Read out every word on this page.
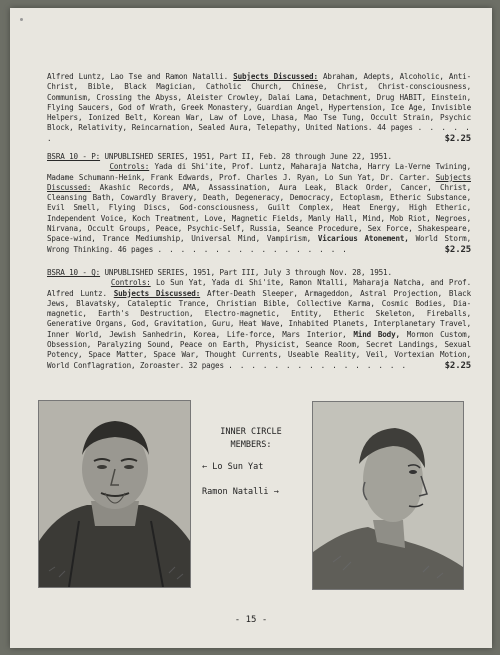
Alfred Luntz, Lao Tse and Ramon Natalli. Subjects Discussed: Abraham, Adepts, Alcoholic, Anti-Christ, Bible, Black Magician, Catholic Church, Chinese, Christ, Christ-consciousness, Communism, Crossing the Abyss, Aleister Crowley, Dalai Lama, Detachment, Drug HABIT, Einstein, Flying Saucers, God of Wrath, Greek Monastery, Guardian Angel, Hypertension, Ice Age, Invisible Helpers, Ionized Belt, Korean War, Law of Love, Lhasa, Mao Tse Tung, Occult Strain, Psychic Block, Relativity, Reincarnation, Sealed Aura, Telepathy, United Nations. 44 pages . . . . . .	$2.25

BSRA 10 - P: UNPUBLISHED SERIES, 1951, Part II, Feb. 28 through June 22, 1951.
Controls: Yada di Shi'ite, Prof. Luntz, Maharaja Natcha, Harry La-Verne Twining, Madame Schumann-Heink, Frank Edwards, Prof. Charles J. Ryan, Lo Sun Yat, Dr. Carter. Subjects Discussed: Akashic Records, AMA, Assassination, Aura Leak, Black Order, Cancer, Christ, Cleansing Bath, Cowardly Bravery, Death, Degeneracy, Democracy, Ectoplasm, Etheric Substance, Evil Smell, Flying Discs, God-consciousness, Guilt Complex, Heat Energy, High Etheric, Independent Voice, Koch Treatment, Love, Magnetic Fields, Manly Hall, Mind, Mob Riot, Negroes, Nirvana, Occult Groups, Peace, Psychic-Self, Russia, Seance Procedure, Sex Force, Shakespeare, Space-wind, Trance Mediumship, Universal Mind, Vampirism, Vicarious Atonement, World Storm, Wrong Thinking. 46 pages . . . . . . . . . . . . . . . . .	$2.25

BSRA 10 - Q: UNPUBLISHED SERIES, 1951, Part III, July 3 through Nov. 28, 1951.
Controls: Lo Sun Yat, Yada di Shi'ite, Ramon Ntalli, Maharaja Natcha, and Prof. Alfred Luntz. Subjects Discussed: After-Death Sleeper, Armageddon, Astral Projection, Black Jews, Blavatsky, Cataleptic Trance, Christian Bible, Collective Karma, Cosmic Bodies, Dia-magnetic, Earth's Destruction, Electro-magnetic, Entity, Etheric Skeleton, Fireballs, Generative Organs, God, Gravitation, Guru, Heat Wave, Inhabited Planets, Interplanetary Travel, Inner World, Jewish Sanhedrin, Korea, Life-force, Mars Interior, Mind Body, Mormon Custom, Obsession, Paralyzing Sound, Peace on Earth, Physicist, Seance Room, Secret Landings, Sexual Potency, Space Matter, Space War, Thought Currents, Useable Reality, Veil, Vortexian Motion, World Conflagration, Zoroaster. 32 pages . . . . . . . . . . . . . . . .	$2.25

INNER CIRCLE
MEMBERS:
← Lo Sun Yat
Ramon Natalli →
- 15 -
